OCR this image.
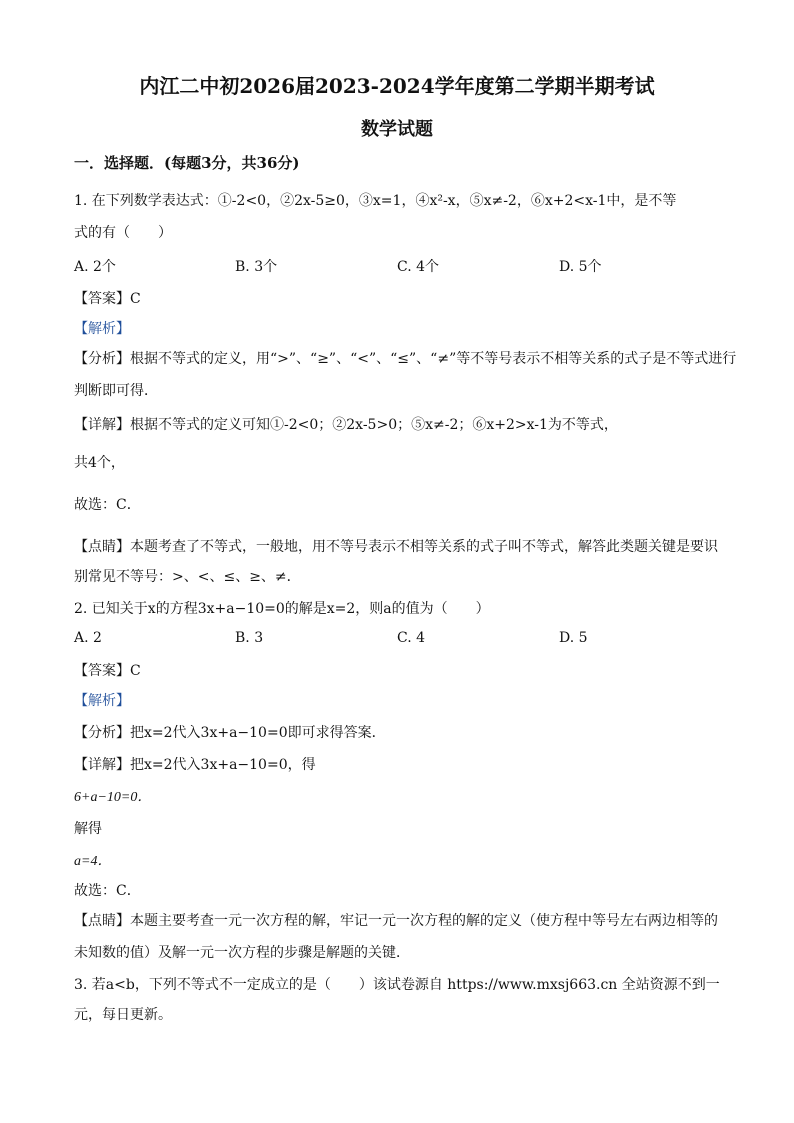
内江二中初2026届2023-2024学年度第二学期半期考试
数学试题
一．选择题．(每题3分，共36分)
1. 在下列数学表达式：①-2<0，②2x-5≥0，③x=1，④x²-x，⑤x≠-2，⑥x+2<x-1中，是不等
式的有（　　）
A. 2个	B. 3个	C. 4个	D. 5个
【答案】C
【解析】
【分析】根据不等式的定义，用“>”、“≥”、“<”、“≤”、“≠”等不等号表示不相等关系的式子是不等式进行
判断即可得．
【详解】根据不等式的定义可知①-2<0；②2x-5>0；⑤x≠-2；⑥x+2>x-1为不等式，
共4个，
故选：C．
【点睛】本题考查了不等式，一般地，用不等号表示不相等关系的式子叫不等式，解答此类题关键是要识
别常见不等号：>、<、≤、≥、≠．
2. 已知关于x的方程3x+a−10=0的解是x=2，则a的值为（　　）
A. 2	B. 3	C. 4	D. 5
【答案】C
【解析】
【分析】把x=2代入3x+a−10=0即可求得答案．
【详解】把x=2代入3x+a−10=0，得
6+a−10=0．
解得
a=4．
故选：C．
【点睛】本题主要考查一元一次方程的解，牢记一元一次方程的解的定义（使方程中等号左右两边相等的
未知数的值）及解一元一次方程的步骤是解题的关键．
3. 若a<b，下列不等式不一定成立的是（　　）该试卷源自 https://www.mxsj663.cn 全站资源不到一
元，每日更新。
